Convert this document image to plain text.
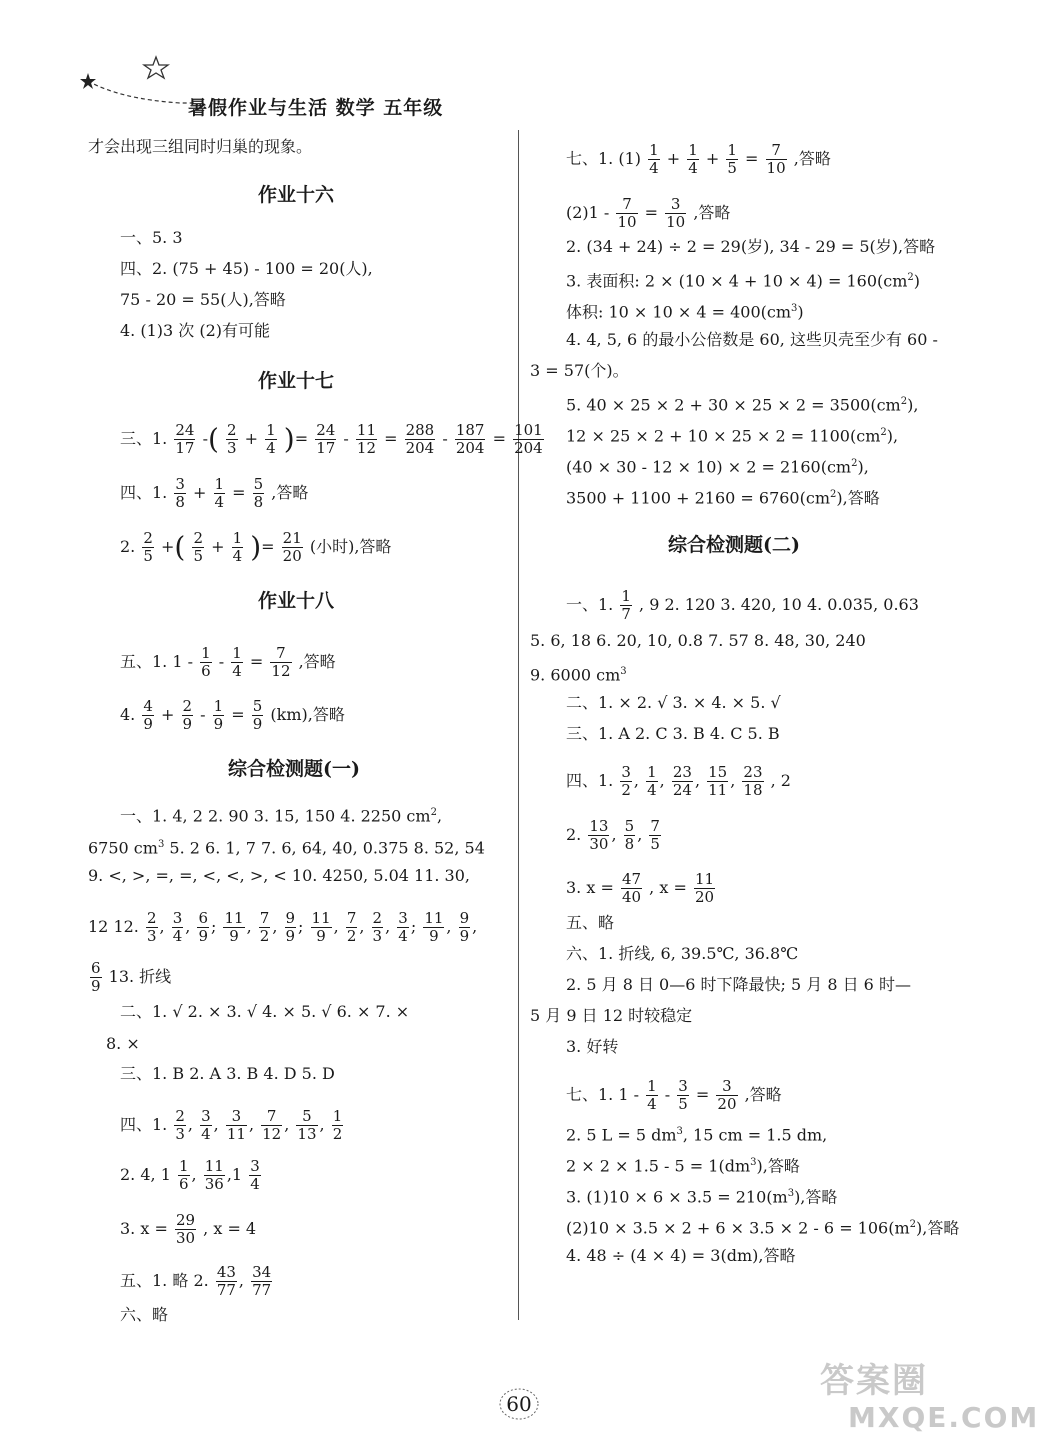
暑假作业与生活 数学 五年级
才会出现三组同时归巢的现象。
作业十六
一、5. 3
四、2. (75 + 45) - 100 = 20(人),
75 - 20 = 55(人),答略
4. (1)3 次 (2)有可能
作业十七
三、1. $\frac{24}{17}$ -( $\frac{2}{3} + \frac{1}{4}$ )= $\frac{24}{17} - \frac{11}{12} = \frac{288}{204} - \frac{187}{204} = \frac{101}{204}$
四、1. $\frac{3}{8} + \frac{1}{4} = \frac{5}{8}$ ,答略
2. $\frac{2}{5}$ +( $\frac{2}{5} + \frac{1}{4}$ )= $\frac{21}{20}$ (小时),答略
作业十八
五、1. $1 - \frac{1}{6} - \frac{1}{4} = \frac{7}{12}$ ,答略
4. $\frac{4}{9} + \frac{2}{9} - \frac{1}{9} = \frac{5}{9} (km)$,答略
综合检测题(一)
一、1. 4, 2 2. 90 3. 15, 150 4. 2250 $cm^2$,
6750 $cm^3$ 5. 2 6. 1, 7 7. 6, 64, 40, 0.375 8. 52, 54
9. <, >, =, =, <, <, >, < 10. 4250, 5.04 11. 30,
12 12. $\frac{2}{3}$ , $\frac{3}{4}$ , $\frac{6}{9}$ ; $\frac{11}{9}$ , $\frac{7}{2}$ , $\frac{9}{9}$ ; $\frac{11}{9}$ , $\frac{7}{2}$ , $\frac{2}{3}$ , $\frac{3}{4}$ ; $\frac{11}{9}$ , $\frac{9}{9}$ ,
$\frac{6}{9} 13$. 折线
二、1. √ 2. × 3. √ 4. × 5. √ 6. × 7. ×
8. ×
三、1. B 2. A 3. B 4. D 5. D
四、1. $\frac{2}{3}$ , $\frac{3}{4}$ , $\frac{3}{11}$ , $\frac{7}{12}$ , $\frac{5}{13}$ , $\frac{1}{2}$
2. 4, $1 \frac{1}{6}$ , $\frac{11}{36} ,1 \frac{3}{4}$
3. $x = \frac{29}{30}$ , x = 4
五、1. 略 2. $\frac{43}{77}$ , $\frac{34}{77}$
六、略
七、1. $(1) \frac{1}{4} + \frac{1}{4} + \frac{1}{5} = \frac{7}{10}$ ,答略
$(2)1 - \frac{7}{10} = \frac{3}{10}$ ,答略
2. (34 + 24) ÷ 2 = 29(岁), 34 - 29 = 5(岁),答略
3. 表面积: $2 \times (10 \times 4 + 10 \times 4) = 160(cm^2)$
体积: $10 \times 10 \times 4 = 400(cm^3)$
4. 4, 5, 6 的最小公倍数是 60, 这些贝壳至少有 60 -
3 = 57(个)。
5. $40 \times 25 \times 2 + 30 \times 25 \times 2 = 3500(cm^2)$,
$12 \times 25 \times 2 + 10 \times 25 \times 2 = 1100(cm^2)$,
$(40 \times 30 - 12 \times 10) \times 2 = 2160(cm^2)$,
$3500 + 1100 + 2160 = 6760(cm^2)$,答略
综合检测题(二)
一、1. $\frac{1}{7}$ , 9 2. 120 3. 420, 10 4. 0.035, 0.63
5. 6, 18 6. 20, 10, 0.8 7. 57 8. 48, 30, 240
9. 6000 $cm^3$
二、1. × 2. √ 3. × 4. × 5. √
三、1. A 2. C 3. B 4. C 5. B
四、1. $\frac{3}{2}$ , $\frac{1}{4}$ , $\frac{23}{24}$ , $\frac{15}{11}$ , $\frac{23}{18}$ , 2
2. $\frac{13}{30}$ , $\frac{5}{8}$ , $\frac{7}{5}$
3. $x = \frac{47}{40}$ , $x = \frac{11}{20}$
五、略
六、1. 折线, 6, 39.5℃, 36.8℃
2. 5 月 8 日 0—6 时下降最快; 5 月 8 日 6 时—
5 月 9 日 12 时较稳定
3. 好转
七、1. $1 - \frac{1}{4} - \frac{3}{5} = \frac{3}{20}$ ,答略
2. 5 L = 5 $dm^3$, 15 cm = 1.5 dm,
$2 \times 2 \times 1.5 - 5 = 1(dm^3)$,答略
3. $(1)10 \times 6 \times 3.5 = 210(m^3)$,答略
$(2)10 \times 3.5 \times 2 + 6 \times 3.5 \times 2 - 6 = 106(m^2)$,答略
4. 48 ÷ (4 × 4) = 3(dm),答略
60
答案圈
MXQE.COM
